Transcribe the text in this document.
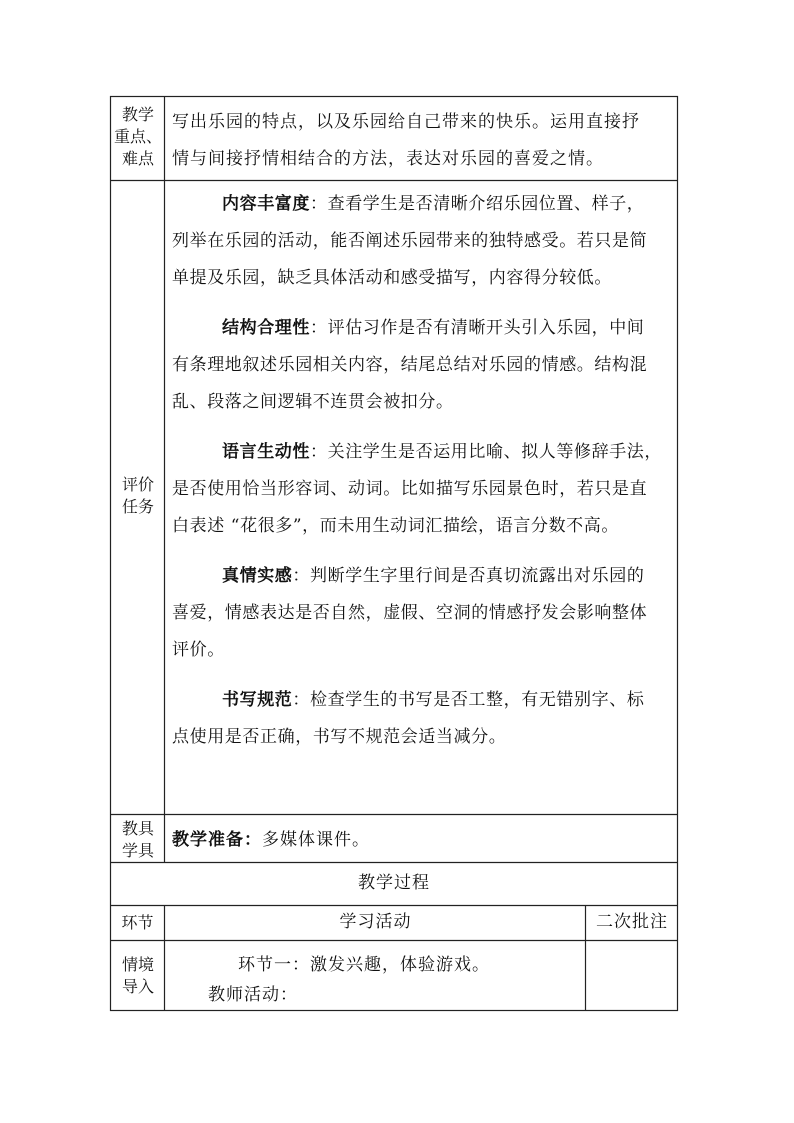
教学
重点、
难点
写出乐园的特点，以及乐园给自己带来的快乐。运用直接抒
情与间接抒情相结合的方法，表达对乐园的喜爱之情。
评价
任务
内容丰富度：查看学生是否清晰介绍乐园位置、样子，
列举在乐园的活动，能否阐述乐园带来的独特感受。若只是简
单提及乐园，缺乏具体活动和感受描写，内容得分较低。
结构合理性：评估习作是否有清晰开头引入乐园，中间
有条理地叙述乐园相关内容，结尾总结对乐园的情感。结构混
乱、段落之间逻辑不连贯会被扣分。
语言生动性：关注学生是否运用比喻、拟人等修辞手法，
是否使用恰当形容词、动词。比如描写乐园景色时，若只是直
白表述 “花很多”，而未用生动词汇描绘，语言分数不高。
真情实感：判断学生字里行间是否真切流露出对乐园的
喜爱，情感表达是否自然，虚假、空洞的情感抒发会影响整体
评价。
书写规范：检查学生的书写是否工整，有无错别字、标
点使用是否正确，书写不规范会适当减分。
教具
学具
教学准备：多媒体课件。
教学过程
环节	学习活动	二次批注
情境
导入
环节一：激发兴趣，体验游戏。
教师活动：
